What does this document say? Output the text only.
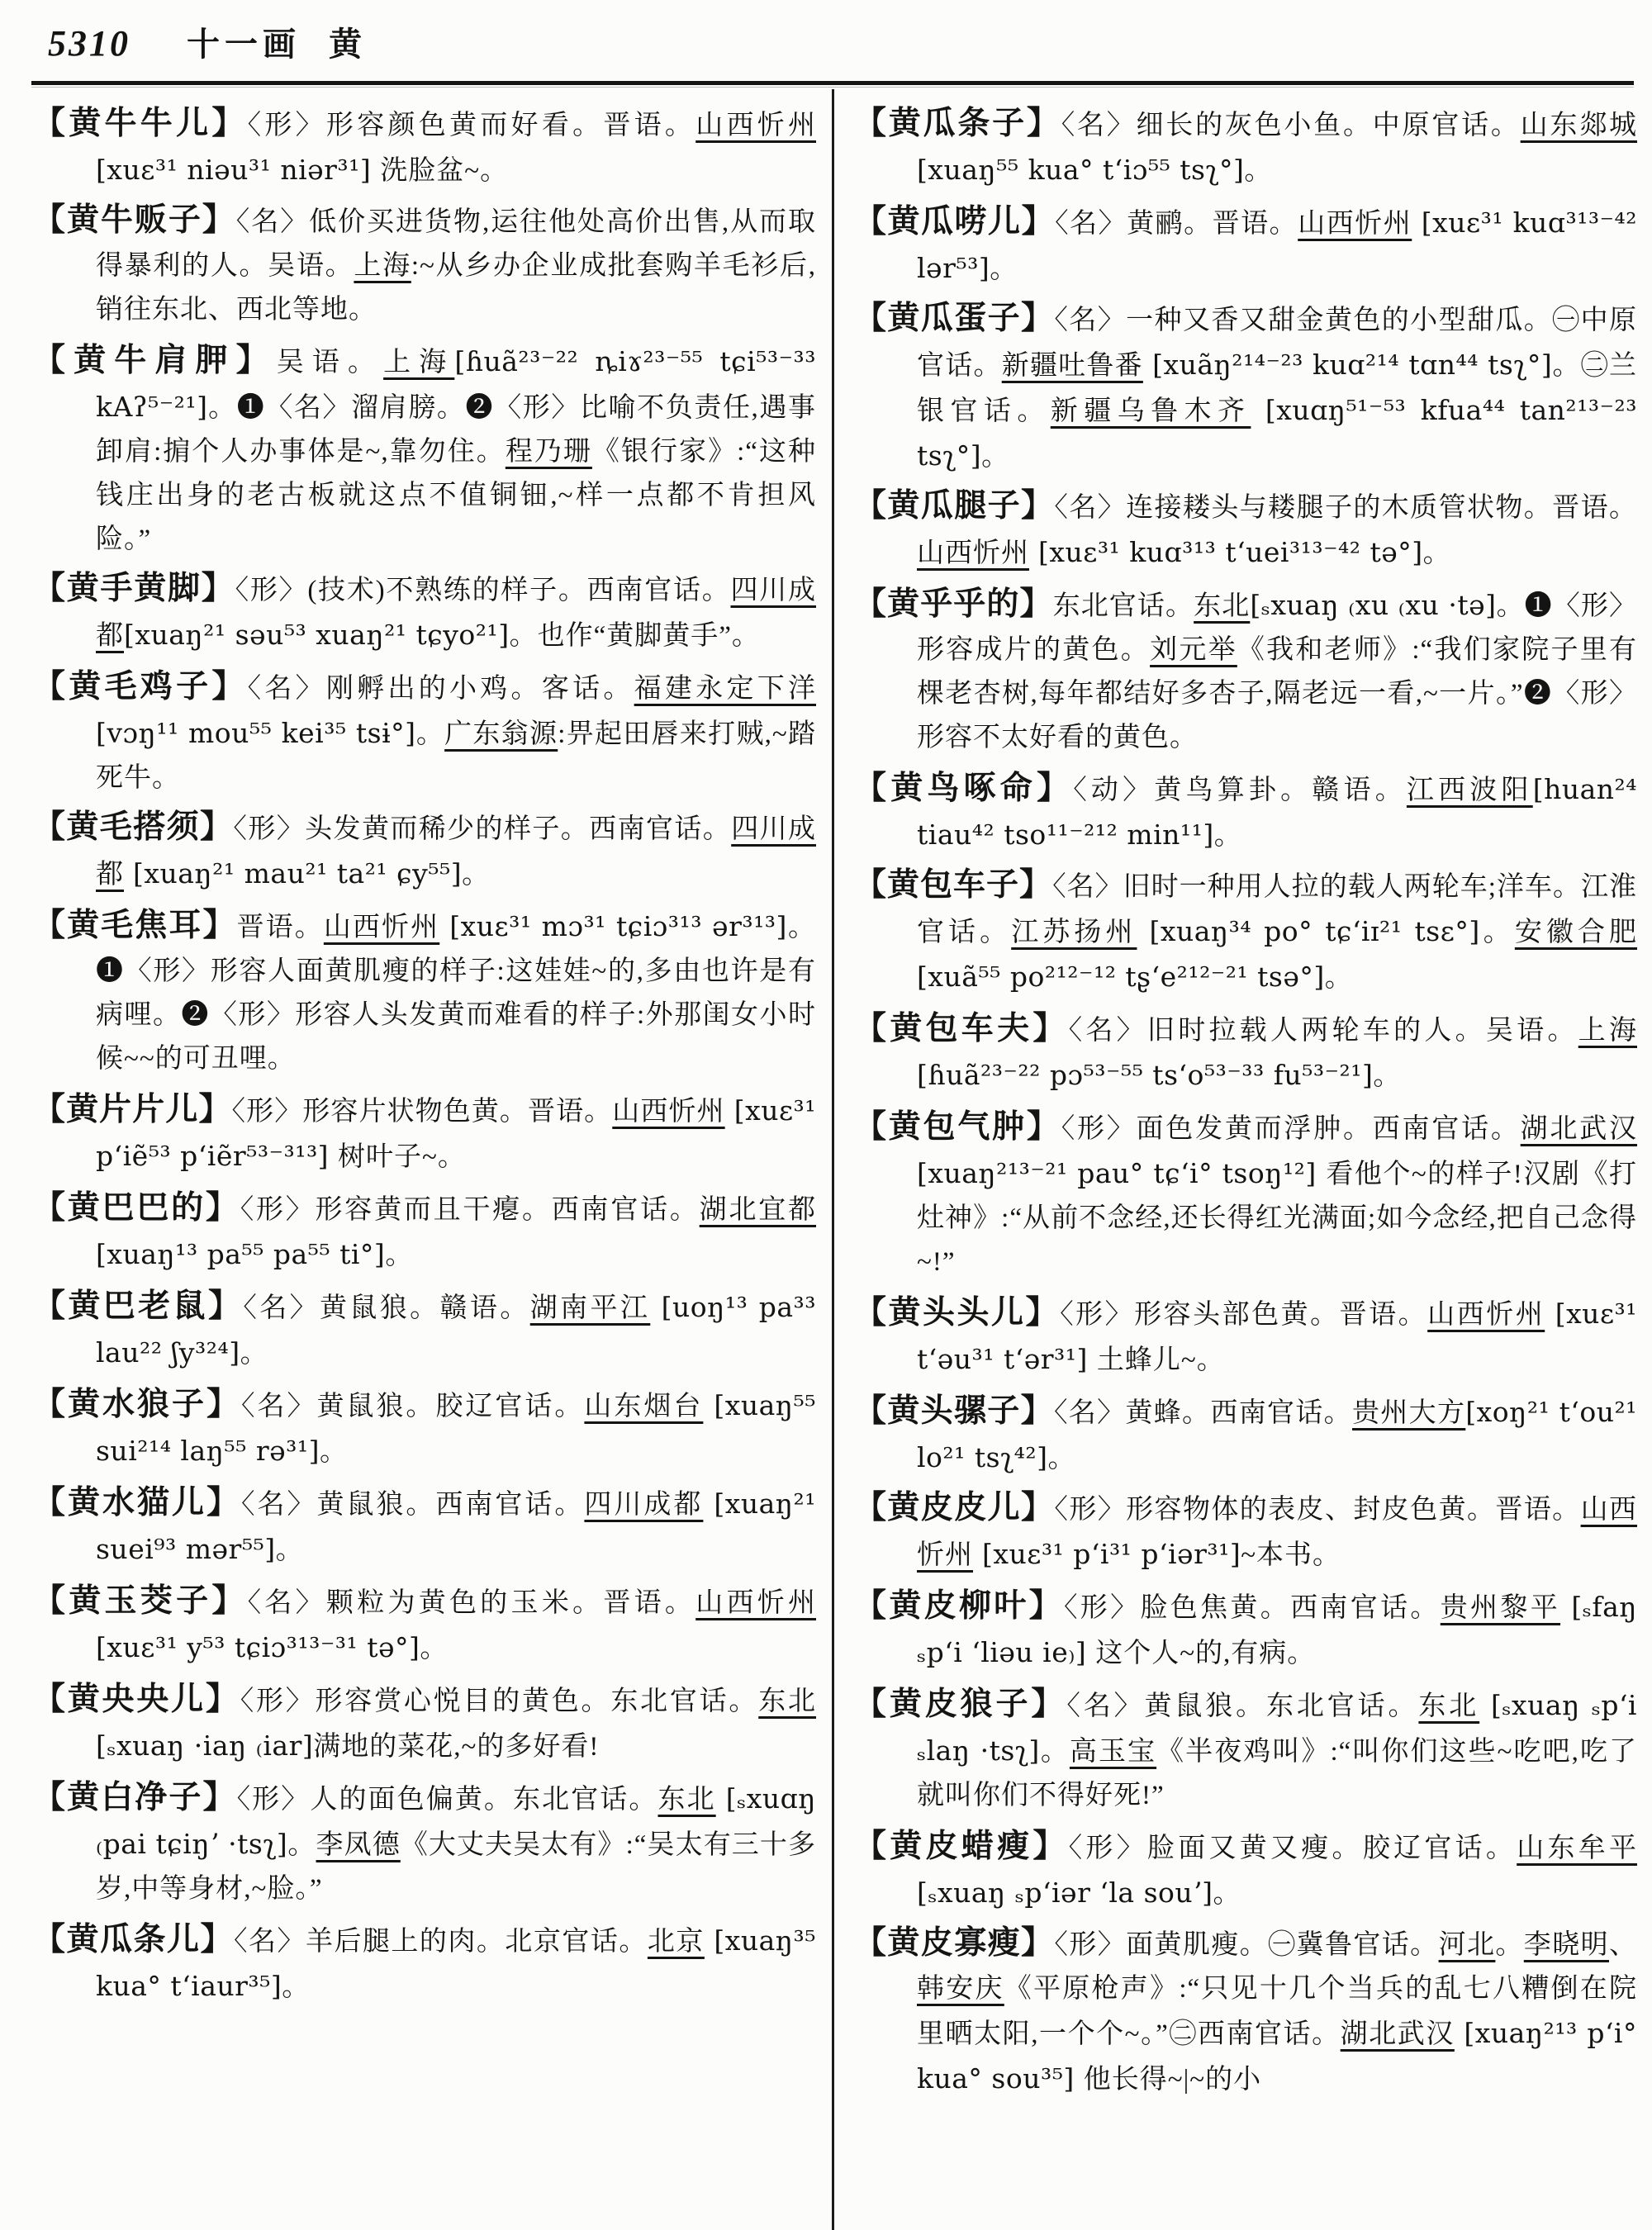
5310 十一画 黄
【黄牛牛儿】〈形〉形容颜色黄而好看。晋语。山西忻州 [xuɛ³¹ niəu³¹ niər³¹] 洗脸盆~。
【黄牛贩子】〈名〉低价买进货物,运往他处高价出售,从而取得暴利的人。吴语。上海:~从乡办企业成批套购羊毛衫后,销往东北、西北等地。
【黄牛肩胛】吴语。上海[ɦuã²³⁻²² ȵiɤ²³⁻⁵⁵ tɕi⁵³⁻³³ kAʔ⁵⁻²¹]。❶〈名〉溜肩膀。❷〈形〉比喻不负责任,遇事卸肩:掮个人办事体是~,靠勿住。程乃珊《银行家》:“这种钱庄出身的老古板就这点不值铜钿,~样一点都不肯担风险。”
【黄手黄脚】〈形〉(技术)不熟练的样子。西南官话。四川成都[xuaŋ²¹ səu⁵³ xuaŋ²¹ tɕyo²¹]。也作“黄脚黄手”。
【黄毛鸡子】〈名〉刚孵出的小鸡。客话。福建永定下洋 [vɔŋ¹¹ mou⁵⁵ kei³⁵ tsɨ°]。广东翁源:畀起田唇来打贼,~踏死牛。
【黄毛搭须】〈形〉头发黄而稀少的样子。西南官话。四川成都 [xuaŋ²¹ mau²¹ ta²¹ ɕy⁵⁵]。
【黄毛焦耳】晋语。山西忻州 [xuɛ³¹ mɔ³¹ tɕiɔ³¹³ ər³¹³]。❶〈形〉形容人面黄肌瘦的样子:这娃娃~的,多由也许是有病哩。❷〈形〉形容人头发黄而难看的样子:外那闺女小时候~~的可丑哩。
【黄片片儿】〈形〉形容片状物色黄。晋语。山西忻州 [xuɛ³¹ pʻiẽ⁵³ pʻiẽr⁵³⁻³¹³] 树叶子~。
【黄巴巴的】〈形〉形容黄而且干瘪。西南官话。湖北宜都 [xuaŋ¹³ pa⁵⁵ pa⁵⁵ ti°]。
【黄巴老鼠】〈名〉黄鼠狼。赣语。湖南平江 [uoŋ¹³ pa³³ lau²² ʃy³²⁴]。
【黄水狼子】〈名〉黄鼠狼。胶辽官话。山东烟台 [xuaŋ⁵⁵ sui²¹⁴ laŋ⁵⁵ rə³¹]。
【黄水猫儿】〈名〉黄鼠狼。西南官话。四川成都 [xuaŋ²¹ suei⁹³ mər⁵⁵]。
【黄玉茭子】〈名〉颗粒为黄色的玉米。晋语。山西忻州 [xuɛ³¹ y⁵³ tɕiɔ³¹³⁻³¹ tə°]。
【黄央央儿】〈形〉形容赏心悦目的黄色。东北官话。东北 [ₛxuaŋ ·iaŋ ₍iar]满地的菜花,~的多好看!
【黄白净子】〈形〉人的面色偏黄。东北官话。东北 [ₛxuɑŋ ₍pai tɕiŋʼ ·tsʅ]。李凤德《大丈夫吴太有》:“吴太有三十多岁,中等身材,~脸。”
【黄瓜条儿】〈名〉羊后腿上的肉。北京官话。北京 [xuaŋ³⁵ kua° tʻiaur³⁵]。
【黄瓜条子】〈名〉细长的灰色小鱼。中原官话。山东郯城 [xuaŋ⁵⁵ kua° tʻiɔ⁵⁵ tsʅ°]。
【黄瓜唠儿】〈名〉黄鹂。晋语。山西忻州 [xuɛ³¹ kuɑ³¹³⁻⁴² lər⁵³]。
【黄瓜蛋子】〈名〉一种又香又甜金黄色的小型甜瓜。㊀中原官话。新疆吐鲁番 [xuãŋ²¹⁴⁻²³ kuɑ²¹⁴ tɑn⁴⁴ tsʅ°]。㊁兰银官话。新疆乌鲁木齐 [xuɑŋ⁵¹⁻⁵³ kfua⁴⁴ tan²¹³⁻²³ tsʅ°]。
【黄瓜腿子】〈名〉连接耧头与耧腿子的木质管状物。晋语。山西忻州 [xuɛ³¹ kuɑ³¹³ tʻuei³¹³⁻⁴² tə°]。
【黄乎乎的】东北官话。东北[ₛxuaŋ ₍xu ₍xu ·tə]。❶〈形〉形容成片的黄色。刘元举《我和老师》:“我们家院子里有棵老杏树,每年都结好多杏子,隔老远一看,~一片。”❷〈形〉形容不太好看的黄色。
【黄鸟啄命】〈动〉黄鸟算卦。赣语。江西波阳[huan²⁴ tiau⁴² tso¹¹⁻²¹² min¹¹]。
【黄包车子】〈名〉旧时一种用人拉的载人两轮车;洋车。江淮官话。江苏扬州 [xuaŋ³⁴ po° tɕʻiɪ²¹ tsɛ°]。安徽合肥 [xuã⁵⁵ po²¹²⁻¹² tʂʻe²¹²⁻²¹ tsə°]。
【黄包车夫】〈名〉旧时拉载人两轮车的人。吴语。上海 [ɦuã²³⁻²² pɔ⁵³⁻⁵⁵ tsʻo⁵³⁻³³ fu⁵³⁻²¹]。
【黄包气肿】〈形〉面色发黄而浮肿。西南官话。湖北武汉 [xuaŋ²¹³⁻²¹ pau° tɕʻi° tsoŋ¹²] 看他个~的样子!汉剧《打灶神》:“从前不念经,还长得红光满面;如今念经,把自己念得~!”
【黄头头儿】〈形〉形容头部色黄。晋语。山西忻州 [xuɛ³¹ tʻəu³¹ tʻər³¹] 土蜂儿~。
【黄头骡子】〈名〉黄蜂。西南官话。贵州大方[xoŋ²¹ tʻou²¹ lo²¹ tsʅ⁴²]。
【黄皮皮儿】〈形〉形容物体的表皮、封皮色黄。晋语。山西忻州 [xuɛ³¹ pʻi³¹ pʻiər³¹]~本书。
【黄皮柳叶】〈形〉脸色焦黄。西南官话。贵州黎平 [ₛfaŋ ₛpʻi ʻliəu ie₎] 这个人~的,有病。
【黄皮狼子】〈名〉黄鼠狼。东北官话。东北 [ₛxuaŋ ₛpʻi ₛlaŋ ·tsʅ]。高玉宝《半夜鸡叫》:“叫你们这些~吃吧,吃了就叫你们不得好死!”
【黄皮蜡瘦】〈形〉脸面又黄又瘦。胶辽官话。山东牟平 [ₛxuaŋ ₛpʻiər ʻla souʼ]。
【黄皮寡瘦】〈形〉面黄肌瘦。㊀冀鲁官话。河北。李晓明、韩安庆《平原枪声》:“只见十几个当兵的乱七八糟倒在院里晒太阳,一个个~。”㊁西南官话。湖北武汉 [xuaŋ²¹³ pʻi° kua° sou³⁵] 他长得~|~的小
